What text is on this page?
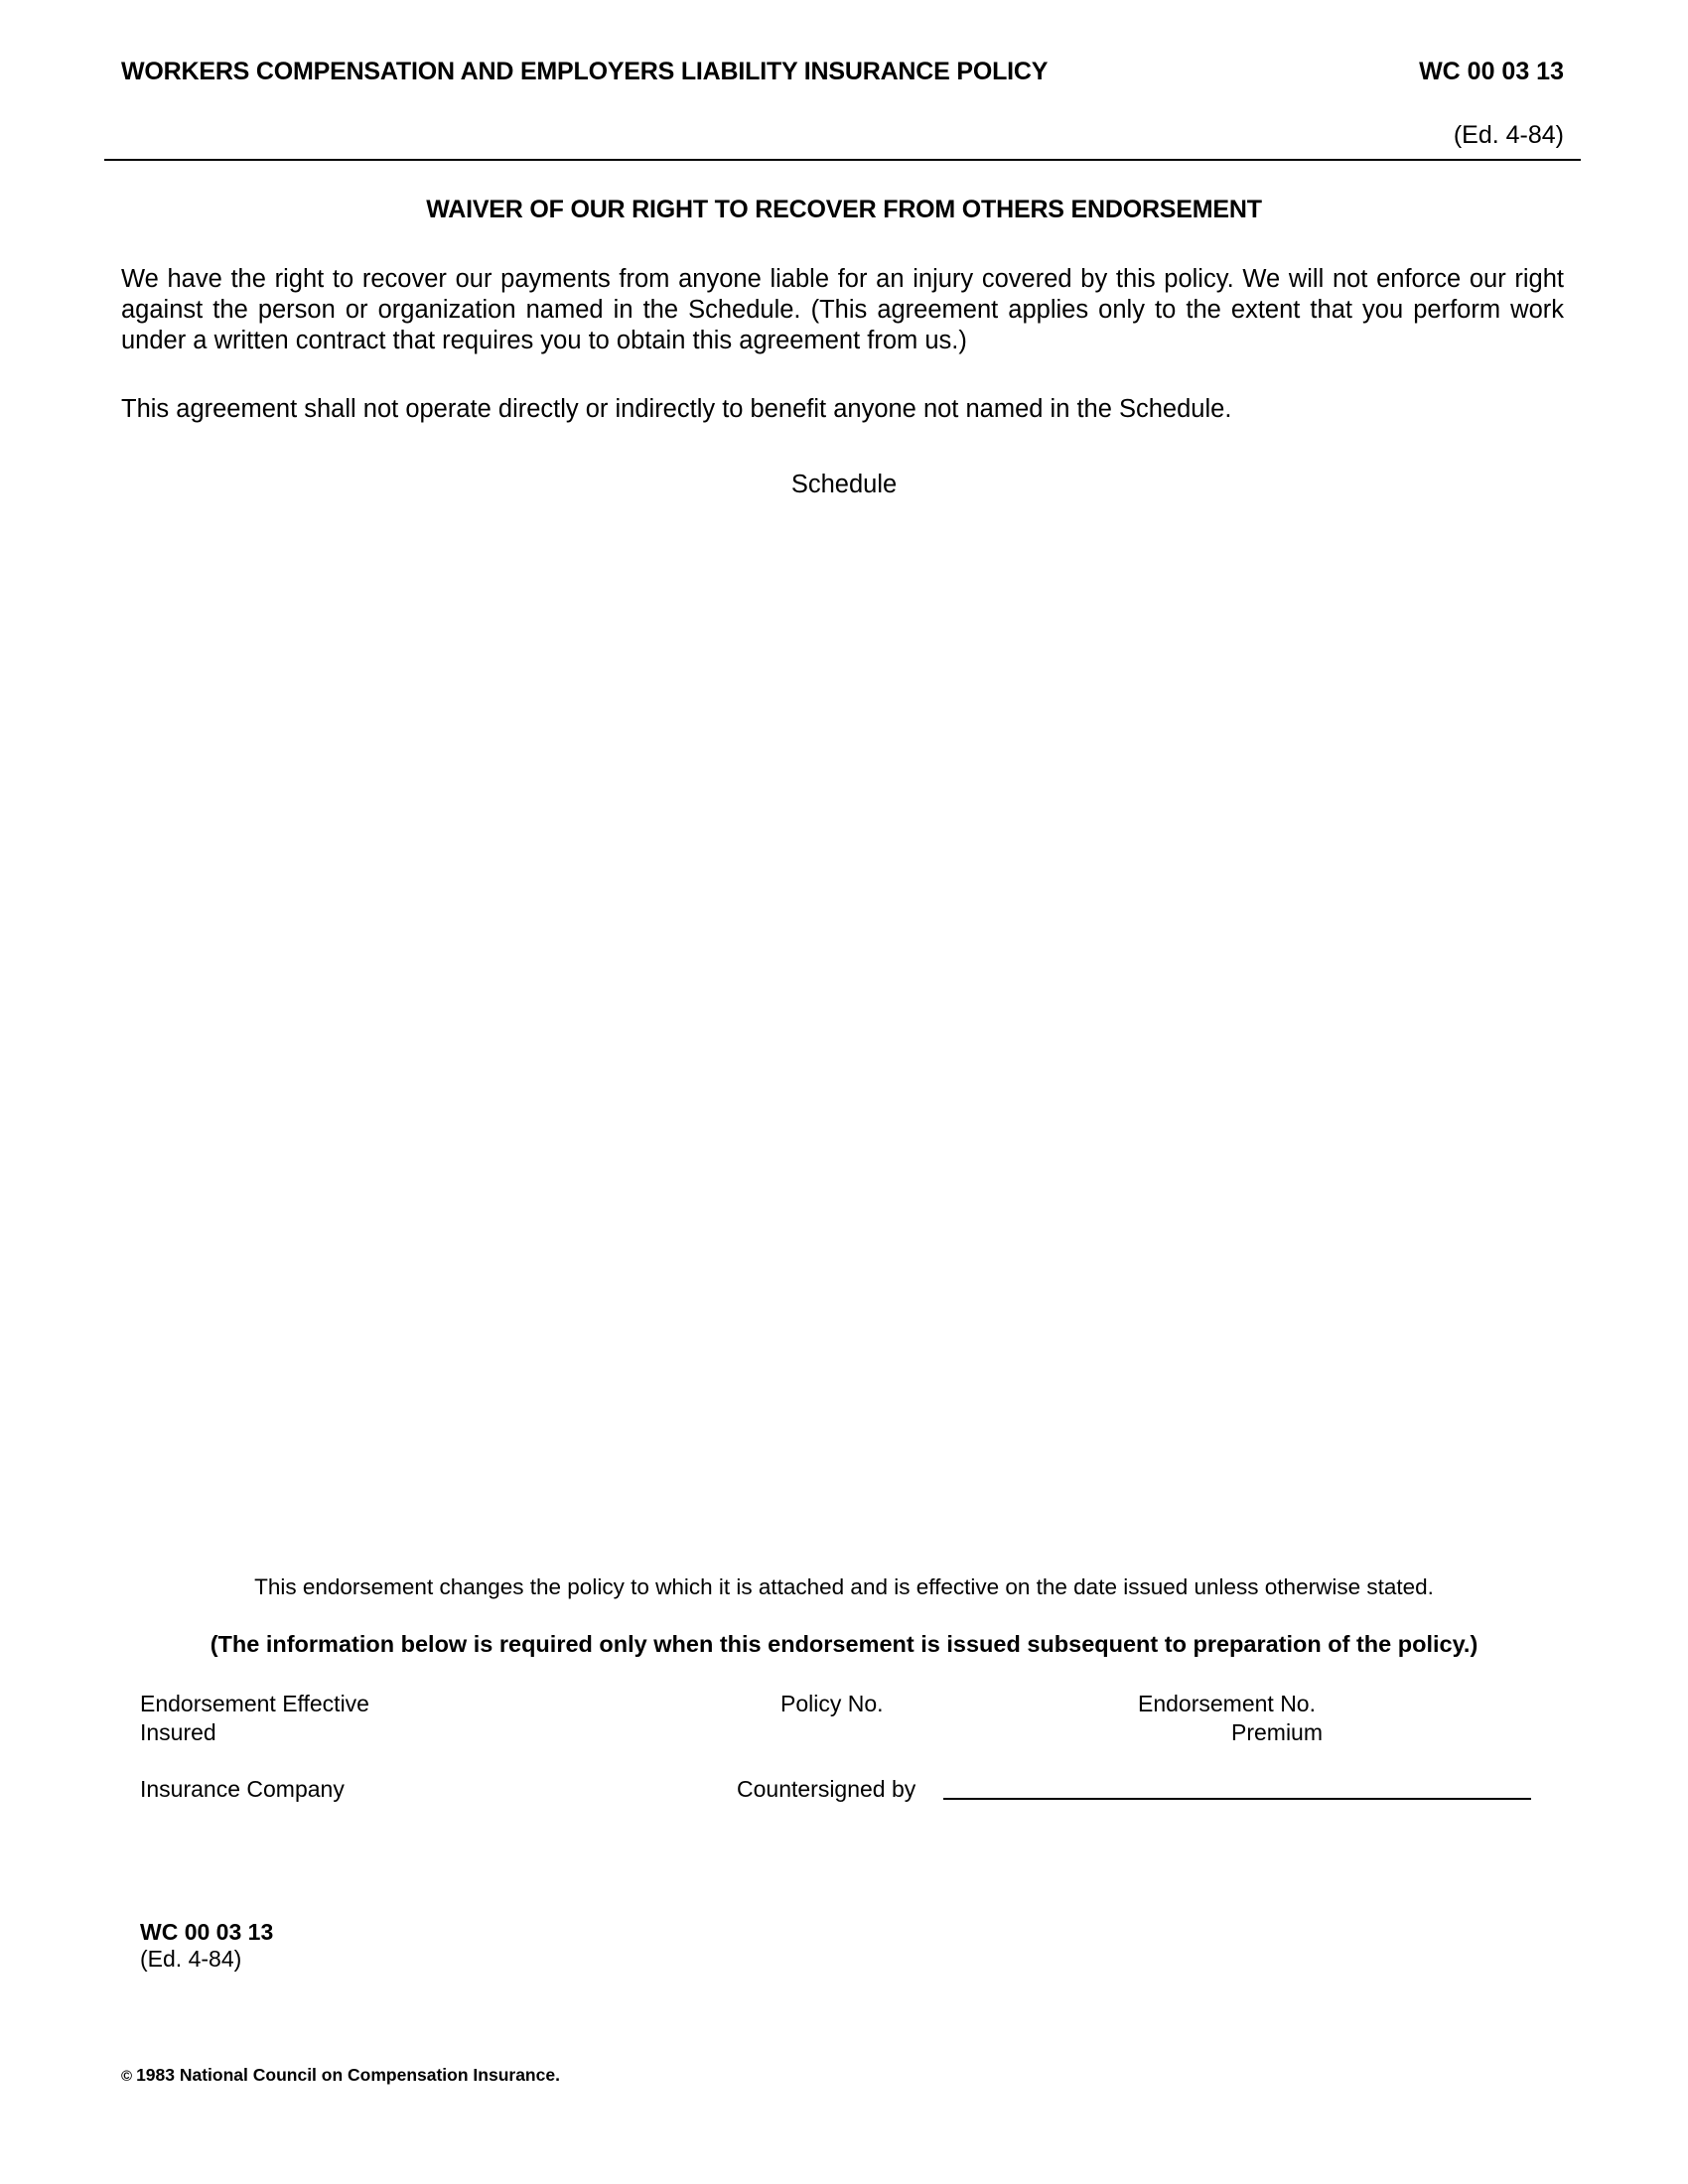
WORKERS COMPENSATION AND EMPLOYERS LIABILITY INSURANCE POLICY	WC 00 03 13
(Ed. 4-84)
WAIVER OF OUR RIGHT TO RECOVER FROM OTHERS ENDORSEMENT
We have the right to recover our payments from anyone liable for an injury covered by this policy. We will not enforce our right against the person or organization named in the Schedule. (This agreement applies only to the extent that you perform work under a written contract that requires you to obtain this agreement from us.)
This agreement shall not operate directly or indirectly to benefit anyone not named in the Schedule.
Schedule
This endorsement changes the policy to which it is attached and is effective on the date issued unless otherwise stated.
(The information below is required only when this endorsement is issued subsequent to preparation of the policy.)
Endorsement Effective	Policy No.	Endorsement No.
Insured	Premium
Insurance Company	Countersigned by
WC 00 03 13
(Ed. 4-84)
© 1983 National Council on Compensation Insurance.
